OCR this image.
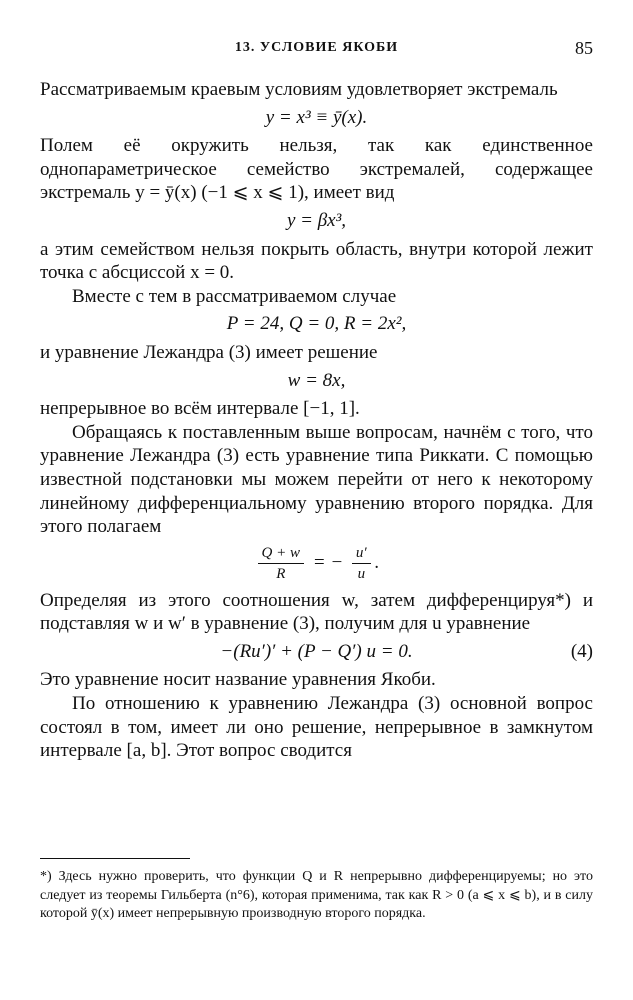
13. УСЛОВИЕ ЯКОБИ	85

Рассматриваемым краевым условиям удовлетворяет экстремаль

y = x³ ≡ ȳ(x).

Полем её окружить нельзя, так как единственное однопараметрическое семейство экстремалей, содержащее экстремаль y = ȳ(x) (−1 ⩽ x ⩽ 1), имеет вид

y = βx³,

а этим семейством нельзя покрыть область, внутри которой лежит точка с абсциссой x = 0.

Вместе с тем в рассматриваемом случае

P = 24, Q = 0, R = 2x²,

и уравнение Лежандра (3) имеет решение

w = 8x,

непрерывное во всём интервале [−1, 1].

Обращаясь к поставленным выше вопросам, начнём с того, что уравнение Лежандра (3) есть уравнение типа Риккати. С помощью известной подстановки мы можем перейти от него к некоторому линейному дифференциальному уравнению второго порядка. Для этого полагаем

$\frac{Q + w}{R}$ = − $\frac{u'}{u}$ .

Определяя из этого соотношения w, затем дифференцируя*) и подставляя w и w′ в уравнение (3), получим для u уравнение

−(Ru′)′ + (P − Q′) u = 0.	(4)

Это уравнение носит название уравнения Якоби.

По отношению к уравнению Лежандра (3) основной вопрос состоял в том, имеет ли оно решение, непрерывное в замкнутом интервале [a, b]. Этот вопрос сводится

*) Здесь нужно проверить, что функции Q и R непрерывно дифференцируемы; но это следует из теоремы Гильберта (n°6), которая применима, так как R > 0 (a ⩽ x ⩽ b), и в силу которой ȳ(x) имеет непрерывную производную второго порядка.
